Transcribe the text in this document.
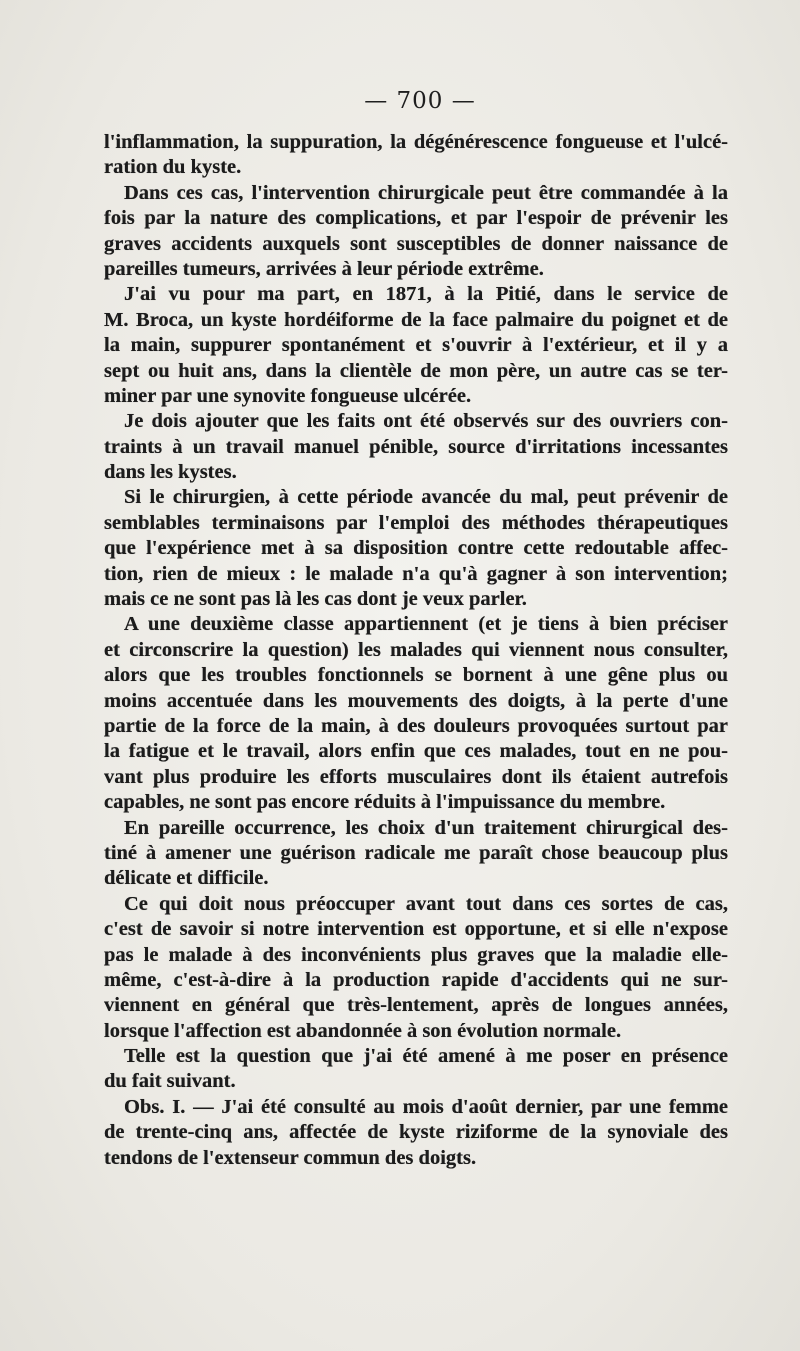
— 700 —
l'inflammation, la suppuration, la dégénérescence fongueuse et l'ulcé-
ration du kyste.
Dans ces cas, l'intervention chirurgicale peut être commandée à la
fois par la nature des complications, et par l'espoir de prévenir les
graves accidents auxquels sont susceptibles de donner naissance de
pareilles tumeurs, arrivées à leur période extrême.
J'ai vu pour ma part, en 1871, à la Pitié, dans le service de
M. Broca, un kyste hordéiforme de la face palmaire du poignet et de
la main, suppurer spontanément et s'ouvrir à l'extérieur, et il y a
sept ou huit ans, dans la clientèle de mon père, un autre cas se ter-
miner par une synovite fongueuse ulcérée.
Je dois ajouter que les faits ont été observés sur des ouvriers con-
traints à un travail manuel pénible, source d'irritations incessantes
dans les kystes.
Si le chirurgien, à cette période avancée du mal, peut prévenir de
semblables terminaisons par l'emploi des méthodes thérapeutiques
que l'expérience met à sa disposition contre cette redoutable affec-
tion, rien de mieux : le malade n'a qu'à gagner à son intervention;
mais ce ne sont pas là les cas dont je veux parler.
A une deuxième classe appartiennent (et je tiens à bien préciser
et circonscrire la question) les malades qui viennent nous consulter,
alors que les troubles fonctionnels se bornent à une gêne plus ou
moins accentuée dans les mouvements des doigts, à la perte d'une
partie de la force de la main, à des douleurs provoquées surtout par
la fatigue et le travail, alors enfin que ces malades, tout en ne pou-
vant plus produire les efforts musculaires dont ils étaient autrefois
capables, ne sont pas encore réduits à l'impuissance du membre.
En pareille occurrence, les choix d'un traitement chirurgical des-
tiné à amener une guérison radicale me paraît chose beaucoup plus
délicate et difficile.
Ce qui doit nous préoccuper avant tout dans ces sortes de cas,
c'est de savoir si notre intervention est opportune, et si elle n'expose
pas le malade à des inconvénients plus graves que la maladie elle-
même, c'est-à-dire à la production rapide d'accidents qui ne sur-
viennent en général que très-lentement, après de longues années,
lorsque l'affection est abandonnée à son évolution normale.
Telle est la question que j'ai été amené à me poser en présence
du fait suivant.
Obs. I. — J'ai été consulté au mois d'août dernier, par une femme
de trente-cinq ans, affectée de kyste riziforme de la synoviale des
tendons de l'extenseur commun des doigts.
